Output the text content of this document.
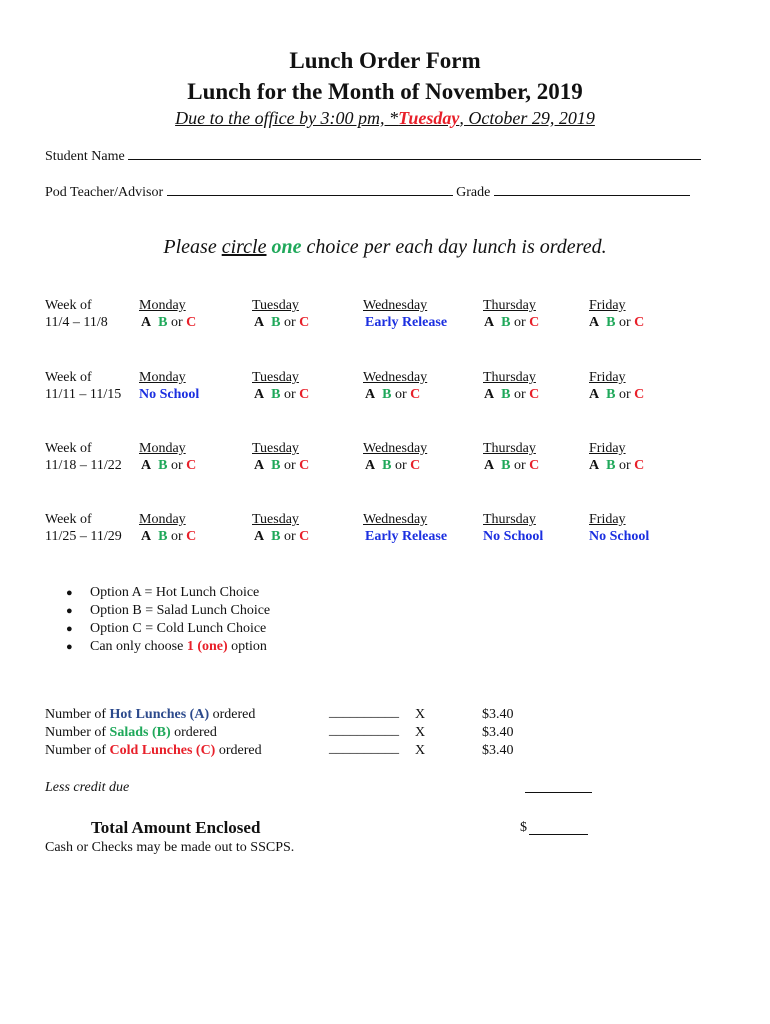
Lunch Order Form
Lunch for the Month of November, 2019
Due to the office by 3:00 pm, *Tuesday, October 29, 2019
Student Name
Pod Teacher/Advisor	Grade
Please circle one choice per each day lunch is ordered.
Week of
11/4 – 11/8
Monday
A B or C
Tuesday
A B or C
Wednesday
Early Release
Thursday
A B or C
Friday
A B or C
Week of
11/11 – 11/15
Monday
No School
Tuesday
A B or C
Wednesday
A B or C
Thursday
A B or C
Friday
A B or C
Week of
11/18 – 11/22
Monday
A B or C
Tuesday
A B or C
Wednesday
A B or C
Thursday
A B or C
Friday
A B or C
Week of
11/25 – 11/29
Monday
A B or C
Tuesday
A B or C
Wednesday
Early Release
Thursday
No School
Friday
No School
● Option A = Hot Lunch Choice
● Option B = Salad Lunch Choice
● Option C = Cold Lunch Choice
● Can only choose 1 (one) option
Number of Hot Lunches (A) ordered
Number of Salads (B) ordered
Number of Cold Lunches (C) ordered
__________
__________
__________
X
X
X
$3.40
$3.40
$3.40
Less credit due
Total Amount Enclosed	$
Cash or Checks may be made out to SSCPS.
